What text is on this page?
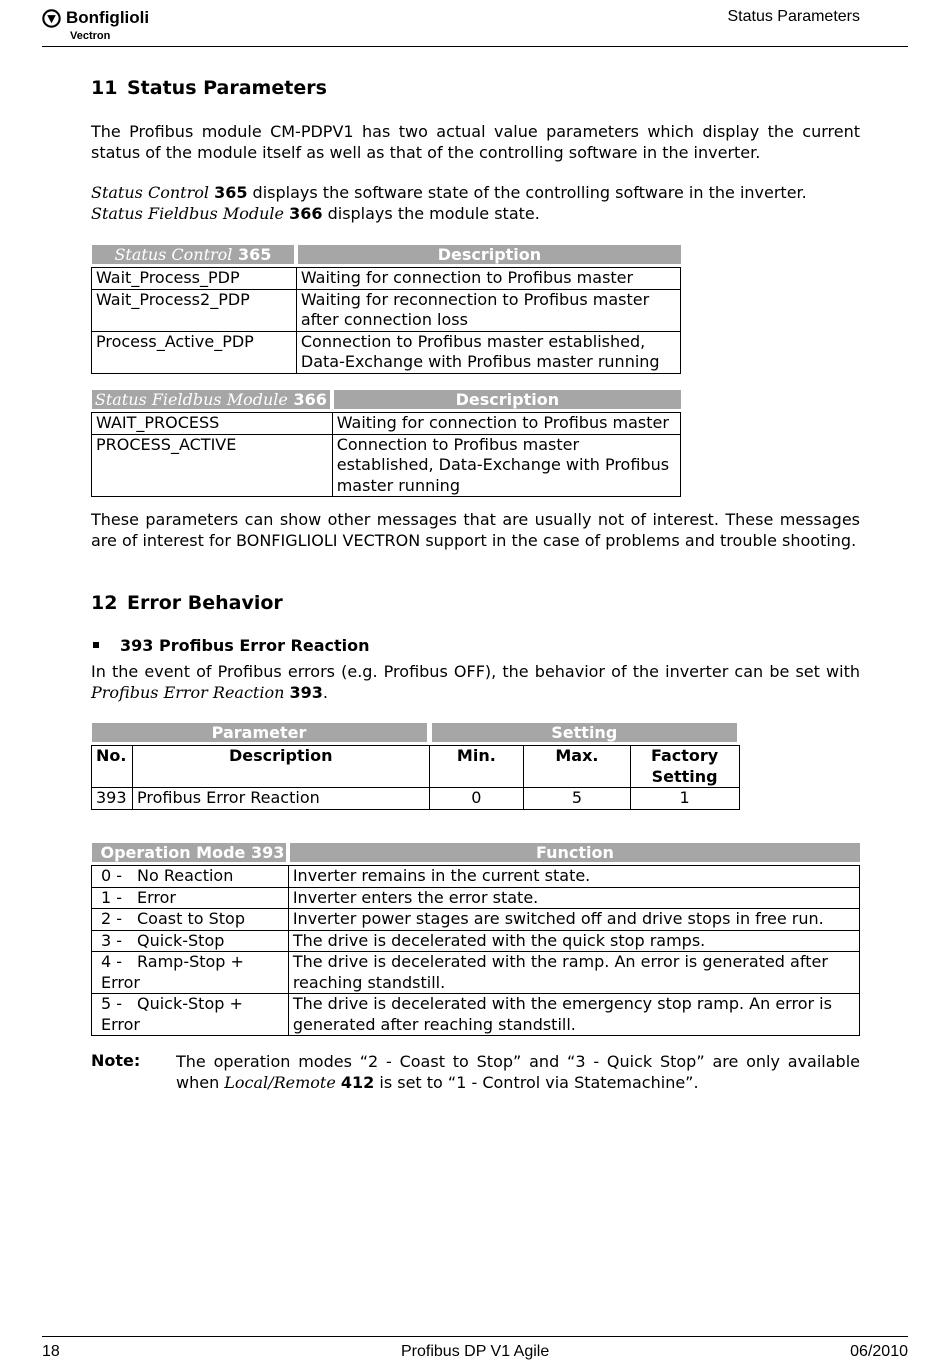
Bonfiglioli
Vectron
Status Parameters
11 Status Parameters
The Profibus module CM-PDPV1 has two actual value parameters which display the current status of the module itself as well as that of the controlling software in the inverter.
Status Control 365 displays the software state of the controlling software in the inverter.
Status Fieldbus Module 366 displays the module state.
Status Control 365	Description

Wait_Process_PDP	Waiting for connection to Profibus master
Wait_Process2_PDP	Waiting for reconnection to Profibus master after connection loss
Process_Active_PDP	Connection to Profibus master established, Data-Exchange with Profibus master running
Status Fieldbus Module 366	Description

WAIT_PROCESS	Waiting for connection to Profibus master
PROCESS_ACTIVE	Connection to Profibus master established, Data-Exchange with Profibus master running
These parameters can show other messages that are usually not of interest. These messages are of interest for BONFIGLIOLI VECTRON support in the case of problems and trouble shooting.
12 Error Behavior
393 Profibus Error Reaction
In the event of Profibus errors (e.g. Profibus OFF), the behavior of the inverter can be set with Profibus Error Reaction 393.
Parameter		Setting		

No.	Description	Min.	Max.	Factory Setting
393	Profibus Error Reaction	0	5	1
Operation Mode 393	Function

0 - No Reaction	Inverter remains in the current state.
1 - Error	Inverter enters the error state.
2 - Coast to Stop	Inverter power stages are switched off and drive stops in free run.
3 - Quick-Stop	The drive is decelerated with the quick stop ramps.
4 - Ramp-Stop + Error	The drive is decelerated with the ramp. An error is generated after reaching standstill.
5 - Quick-Stop + Error	The drive is decelerated with the emergency stop ramp. An error is generated after reaching standstill.
Note: The operation modes “2 - Coast to Stop” and “3 - Quick Stop” are only available when Local/Remote 412 is set to “1 - Control via Statemachine”.
18	Profibus DP V1 Agile	06/2010
